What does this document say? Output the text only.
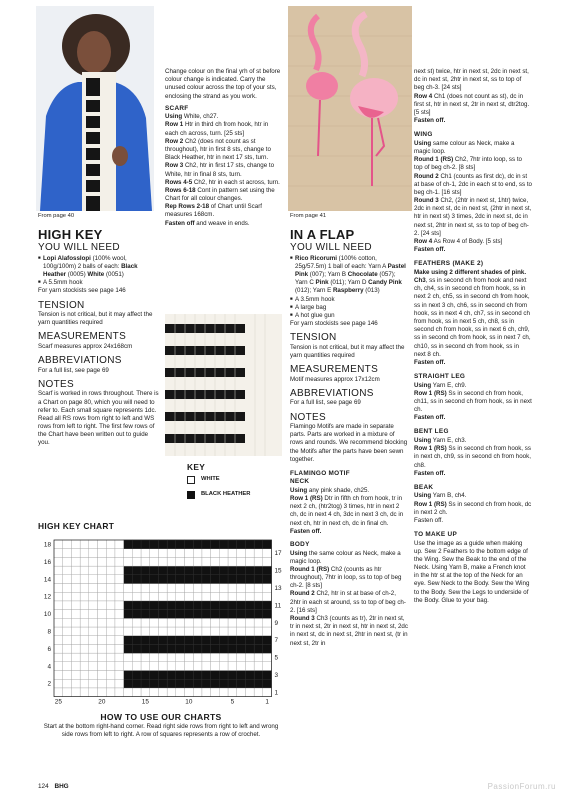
From page 40	From page 41
HIGH KEY
YOU WILL NEED
■ Lopi Alafosslopi (100% wool, 100g/100m) 2 balls of each: Black Heather (0005) White (0051)
■ A 5.5mm hook

For yarn stockists see page 146

TENSION

Tension is not critical, but it may affect the yarn quantities required

MEASUREMENTS

Scarf measures approx 24x168cm

ABBREVIATIONS

For a full list, see page 69

NOTES

Scarf is worked in rows throughout. There is a Chart on page 80, which you will need to refer to. Each small square represents 1dc. Read all RS rows from right to left and WS rows from left to right. The first few rows of the Chart have been written out to guide you.

HIGH KEY CHART

Change colour on the final yrh of st before colour change is indicated. Carry the unused colour across the top of your sts, enclosing the strand as you work.

SCARF

Using White, ch27.

Row 1 Htr in third ch from hook, htr in each ch across, turn. [25 sts]

Row 2 Ch2 (does not count as st throughout), htr in first 8 sts, change to Black Heather, htr in next 17 sts, turn.

Row 3 Ch2, htr in first 17 sts, change to White, htr in final 8 sts, turn.

Rows 4-5 Ch2, htr in each st across, turn.

Rows 6-18 Cont in pattern set using the Chart for all colour changes.

Rep Rows 2-18 of Chart until Scarf measures 168cm.

Fasten off and weave in ends.

KEY
WHITE
BLACK HEATHER
18
16
14
12
10
8
6
4
2
17
15
13
11
9
7
5
3
1
25	20	15	10	5	1
HOW TO USE OUR CHARTS
Start at the bottom right-hand corner. Read right side rows from right to left and wrong side rows from left to right. A row of squares represents a row of crochet.
IN A FLAP
YOU WILL NEED
■ Rico Ricorumi (100% cotton, 25g/57.5m) 1 ball of each: Yarn A Pastel Pink (007); Yarn B Chocolate (057); Yarn C Pink (011); Yarn D Candy Pink (012); Yarn E Raspberry (013)
■ A 3.5mm hook
■ A large bag
■ A hot glue gun

For yarn stockists see page 146

TENSION

Tension is not critical, but it may affect the yarn quantities required

MEASUREMENTS

Motif measures approx 17x12cm

ABBREVIATIONS

For a full list, see page 69

NOTES

Flamingo Motifs are made in separate parts. Parts are worked in a mixture of rows and rounds. We recommend blocking the Motifs after the parts have been sewn together.

FLAMINGO MOTIF
NECK

Using any pink shade, ch25.

Row 1 (RS) Dtr in fifth ch from hook, tr in next 2 ch, (htr2tog) 3 times, htr in next 2 ch, dc in next 4 ch, 3dc in next 3 ch, dc in next ch, htr in next ch, dc in final ch.

Fasten off.

BODY

Using the same colour as Neck, make a magic loop.

Round 1 (RS) Ch2 (counts as htr throughout), 7htr in loop, ss to top of beg ch-2. [8 sts]

Round 2 Ch2, htr in st at base of ch-2, 2htr in each st around, ss to top of beg ch-2. [16 sts]

Round 3 Ch3 (counts as tr), 2tr in next st, tr in next st, 2tr in next st, htr in next st, 2dc in next st, dc in next st, 2htr in next st, (tr in next st, 2tr in

next st) twice, htr in next st, 2dc in next st, dc in next st, 2htr in next st, ss to top of beg ch-3. [24 sts]

Row 4 Ch1 (does not count as st), dc in first st, htr in next st, 2tr in next st, dtr2tog. [5 sts]

Fasten off.

WING

Using same colour as Neck, make a magic loop.

Round 1 (RS) Ch2, 7htr into loop, ss to top of beg ch-2. [8 sts]

Round 2 Ch1 (counts as first dc), dc in st at base of ch-1, 2dc in each st to end, ss to beg ch-1. [16 sts]

Round 3 Ch2, (2htr in next st, 1htr) twice, 2dc in next st, dc in next st, (2htr in next st, htr in next st) 3 times, 2dc in next st, dc in next st, 2htr in next st, ss to top of beg ch-2. [24 sts]

Row 4 As Row 4 of Body. [5 sts]

Fasten off.

FEATHERS (MAKE 2)

Make using 2 different shades of pink.

Ch3, ss in second ch from hook and next ch, ch4, ss in second ch from hook, ss in next 2 ch, ch5, ss in second ch from hook, ss in next 3 ch, ch6, ss in second ch from hook, ss in next 4 ch, ch7, ss in second ch from hook, ss in next 5 ch, ch8, ss in second ch from hook, ss in next 6 ch, ch9, ss in second ch from hook, ss in next 7 ch, ch10, ss in second ch from hook, ss in next 8 ch.

Fasten off.

STRAIGHT LEG

Using Yarn E, ch9.

Row 1 (RS) Ss in second ch from hook, ch11, ss in second ch from hook, ss in next ch.

Fasten off.

BENT LEG

Using Yarn E, ch3.

Row 1 (RS) Ss in second ch from hook, ss in next ch, ch9, ss in second ch from hook, ch8.

Fasten off.

BEAK

Using Yarn B, ch4.

Row 1 (RS) Ss in second ch from hook, dc in next 2 ch.

Fasten off.

TO MAKE UP

Use the image as a guide when making up. Sew 2 Feathers to the bottom edge of the Wing. Sew the Beak to the end of the Neck. Using Yarn B, make a French knot in the htr st at the top of the Neck for an eye. Sew Neck to the Body. Sew the Wing to the Body. Sew the Legs to underside of the Body. Glue to your bag.

124 BHG	PassionForum.ru
